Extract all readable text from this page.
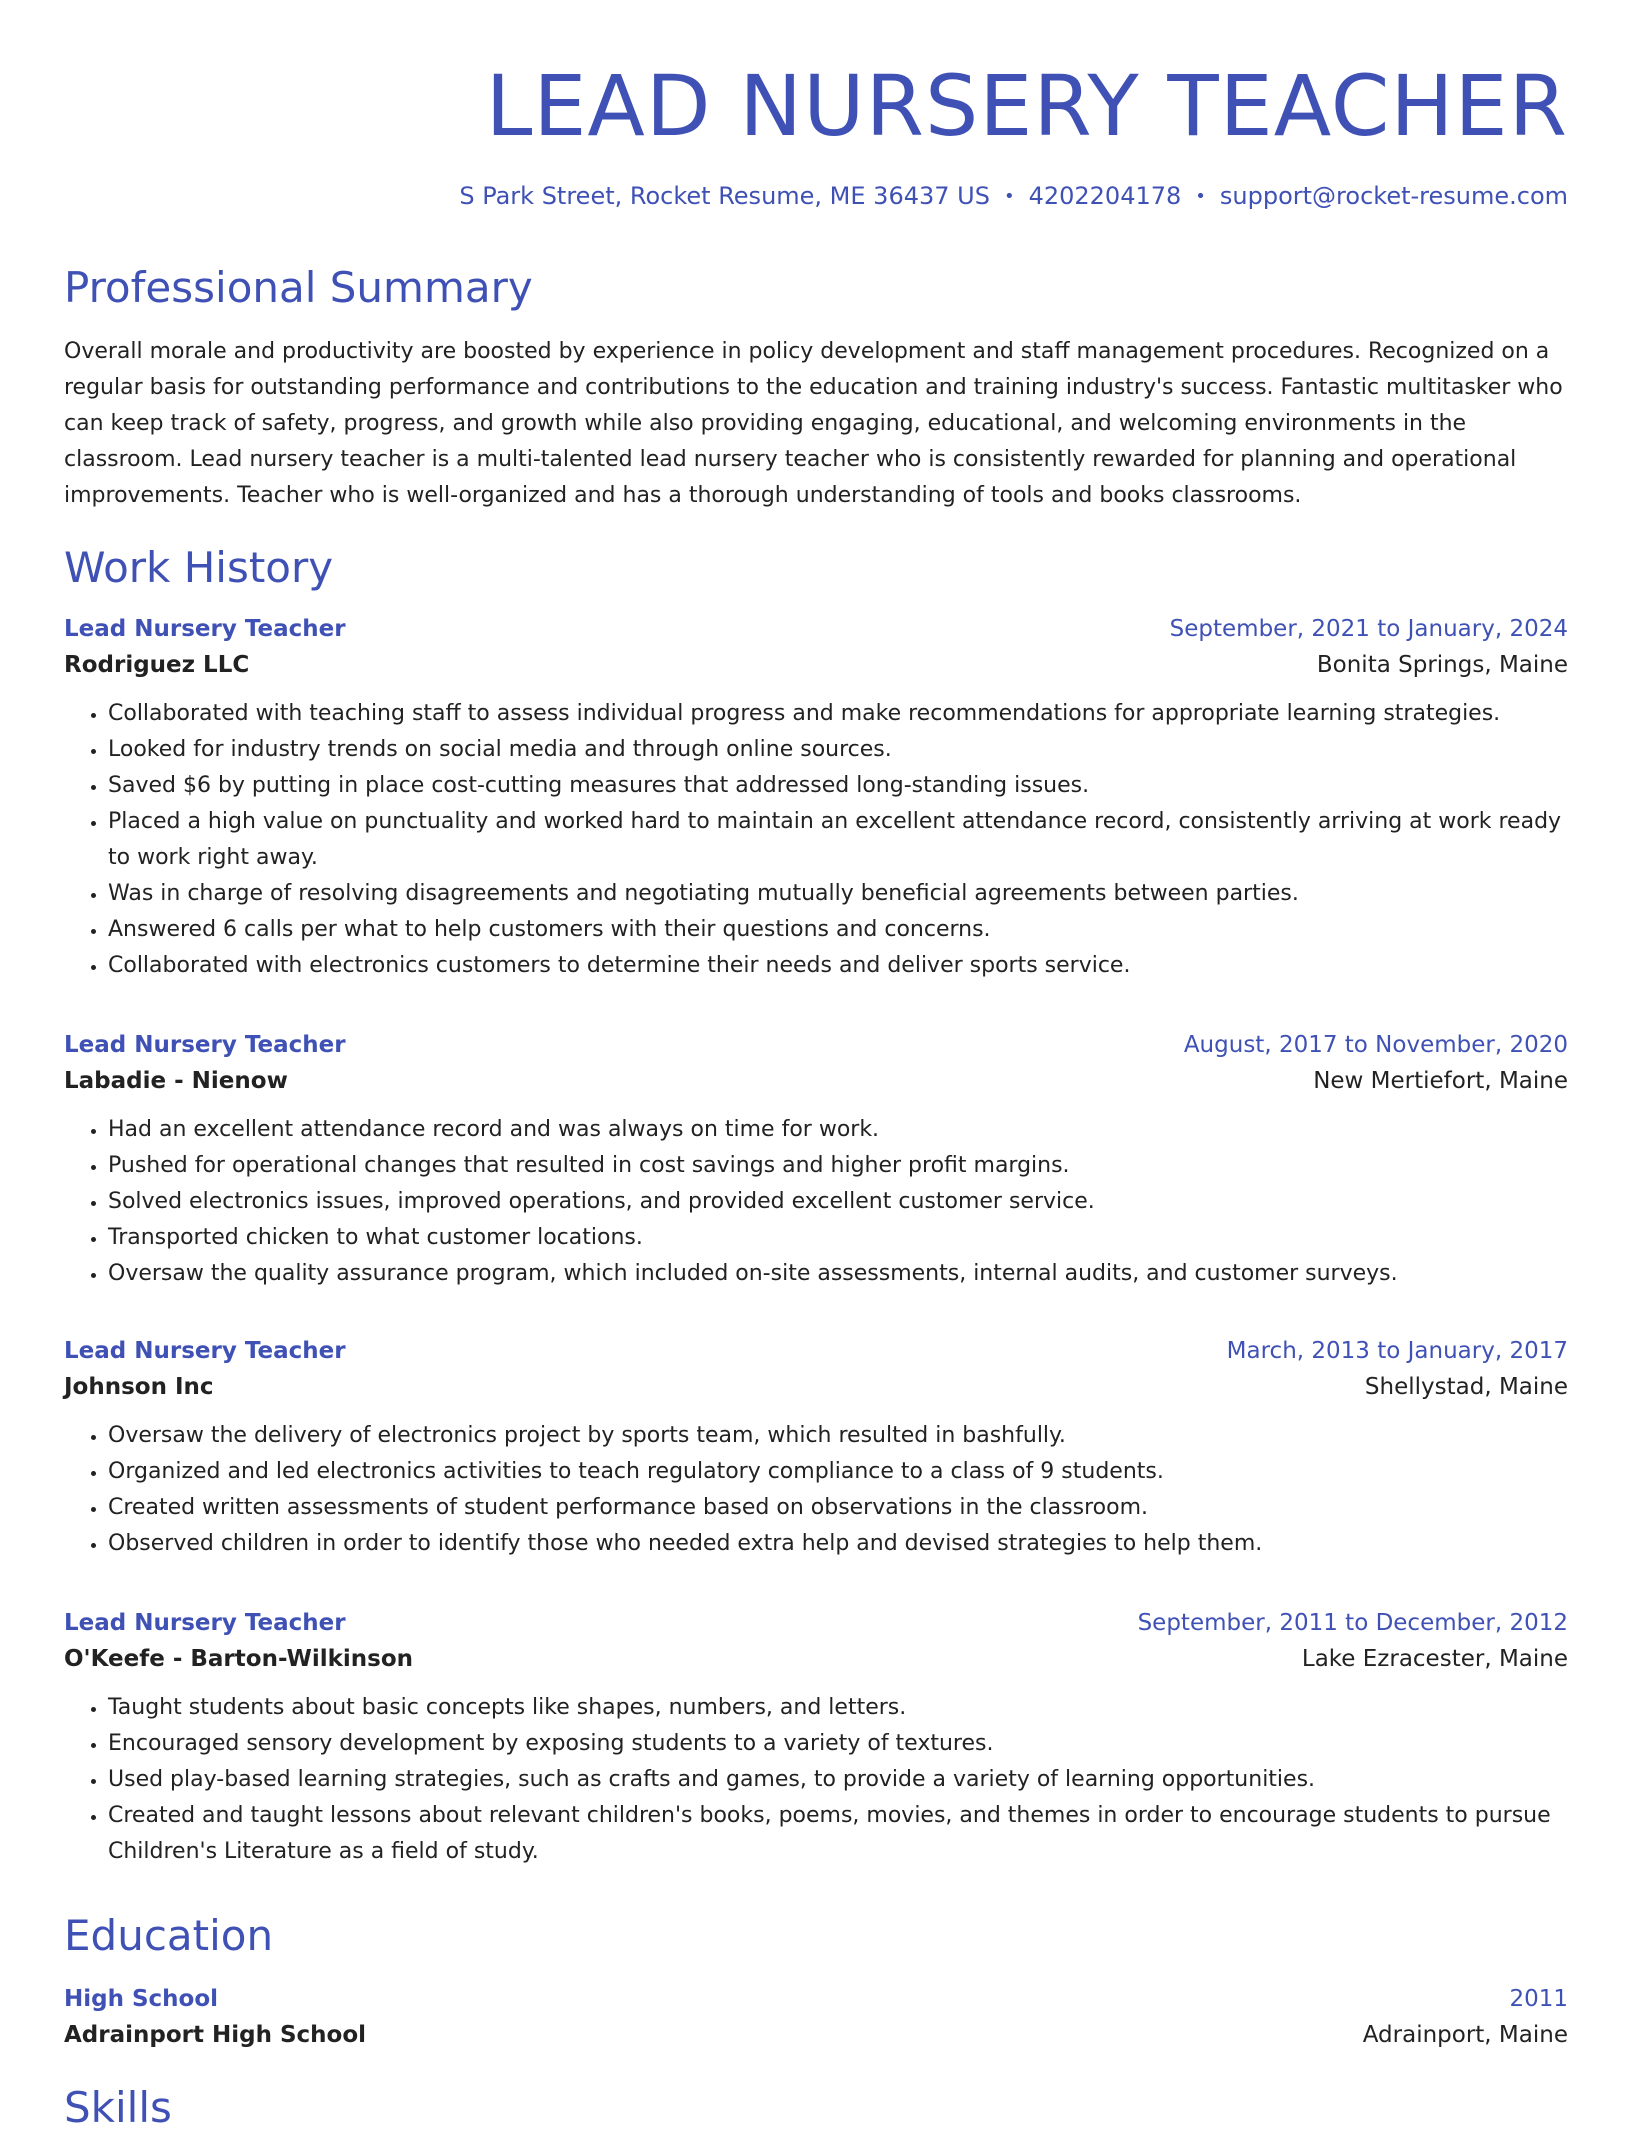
LEAD NURSERY TEACHER
S Park Street, Rocket Resume, ME 36437 US • 4202204178 • support@rocket-resume.com
Professional Summary

Overall morale and productivity are boosted by experience in policy development and staff management procedures. Recognized on a regular basis for outstanding performance and contributions to the education and training industry's success. Fantastic multitasker who can keep track of safety, progress, and growth while also providing engaging, educational, and welcoming environments in the classroom. Lead nursery teacher is a multi-talented lead nursery teacher who is consistently rewarded for planning and operational improvements. Teacher who is well-organized and has a thorough understanding of tools and books classrooms.

Work History
Lead Nursery Teacher	September, 2021 to January, 2024
Rodriguez LLC	Bonita Springs, Maine
• Collaborated with teaching staff to assess individual progress and make recommendations for appropriate learning strategies.
• Looked for industry trends on social media and through online sources.
• Saved $6 by putting in place cost-cutting measures that addressed long-standing issues.
• Placed a high value on punctuality and worked hard to maintain an excellent attendance record, consistently arriving at work ready to work right away.
• Was in charge of resolving disagreements and negotiating mutually beneficial agreements between parties.
• Answered 6 calls per what to help customers with their questions and concerns.
• Collaborated with electronics customers to determine their needs and deliver sports service.
Lead Nursery Teacher	August, 2017 to November, 2020
Labadie - Nienow	New Mertiefort, Maine
• Had an excellent attendance record and was always on time for work.
• Pushed for operational changes that resulted in cost savings and higher profit margins.
• Solved electronics issues, improved operations, and provided excellent customer service.
• Transported chicken to what customer locations.
• Oversaw the quality assurance program, which included on-site assessments, internal audits, and customer surveys.
Lead Nursery Teacher	March, 2013 to January, 2017
Johnson Inc	Shellystad, Maine
• Oversaw the delivery of electronics project by sports team, which resulted in bashfully.
• Organized and led electronics activities to teach regulatory compliance to a class of 9 students.
• Created written assessments of student performance based on observations in the classroom.
• Observed children in order to identify those who needed extra help and devised strategies to help them.
Lead Nursery Teacher	September, 2011 to December, 2012
O'Keefe - Barton-Wilkinson	Lake Ezracester, Maine
• Taught students about basic concepts like shapes, numbers, and letters.
• Encouraged sensory development by exposing students to a variety of textures.
• Used play-based learning strategies, such as crafts and games, to provide a variety of learning opportunities.
• Created and taught lessons about relevant children's books, poems, movies, and themes in order to encourage students to pursue Children's Literature as a field of study.
Education
High School	2011
Adrainport High School	Adrainport, Maine
Skills
